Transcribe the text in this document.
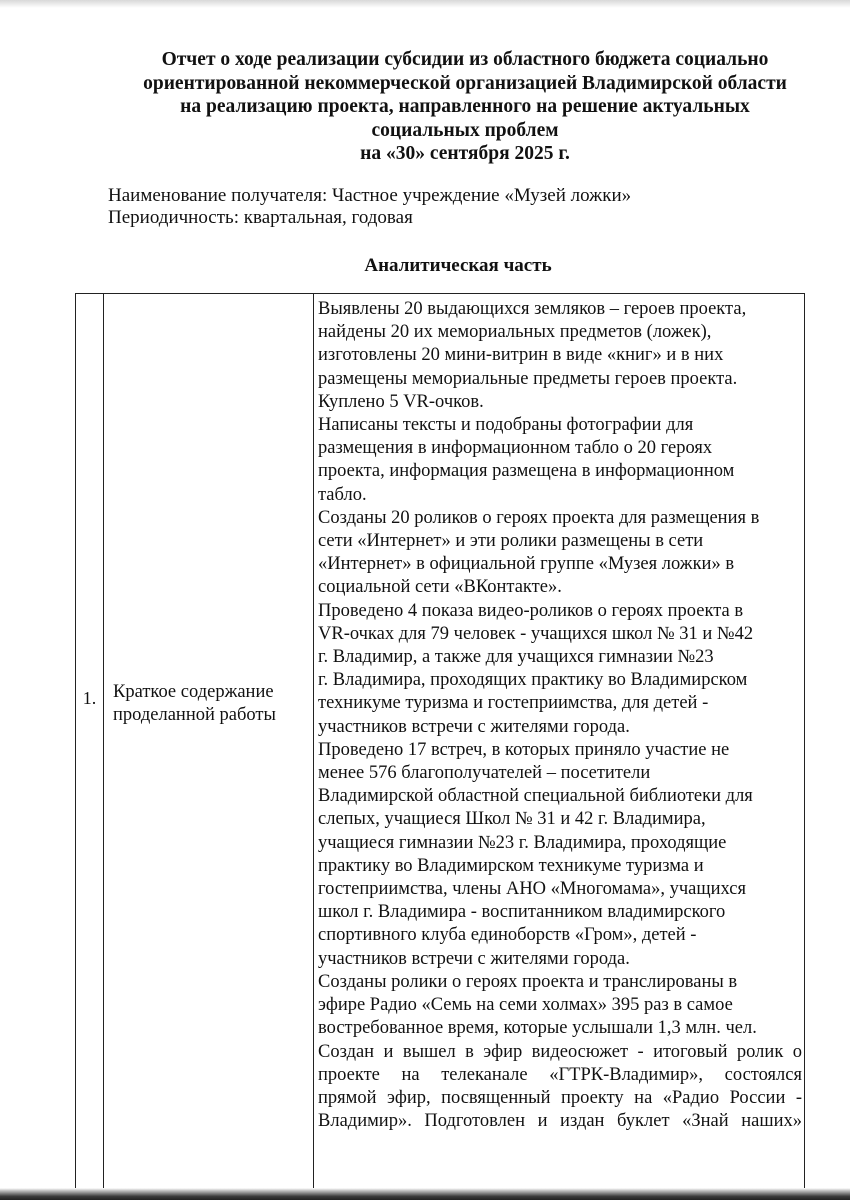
Отчет о ходе реализации субсидии из областного бюджета социально
ориентированной некоммерческой организацией Владимирской области
на реализацию проекта, направленного на решение актуальных
социальных проблем
на «30» сентября 2025 г.
Наименование получателя: Частное учреждение «Музей ложки»
Периодичность: квартальная, годовая
Аналитическая часть
1. Краткое содержание
проделанной работы
Выявлены 20 выдающихся земляков – героев проекта,
найдены 20 их мемориальных предметов (ложек),
изготовлены 20 мини-витрин в виде «книг» и в них
размещены мемориальные предметы героев проекта.
Куплено 5 VR-очков.
Написаны тексты и подобраны фотографии для
размещения в информационном табло о 20 героях
проекта, информация размещена в информационном
табло.
Созданы 20 роликов о героях проекта для размещения в
сети «Интернет» и эти ролики размещены в сети
«Интернет» в официальной группе «Музея ложки» в
социальной сети «ВКонтакте».
Проведено 4 показа видео-роликов о героях проекта в
VR-очках для 79 человек - учащихся школ № 31 и №42
г. Владимир, а также для учащихся гимназии №23
г. Владимира, проходящих практику во Владимирском
техникуме туризма и гостеприимства, для детей -
участников встречи с жителями города.
Проведено 17 встреч, в которых приняло участие не
менее 576 благополучателей – посетители
Владимирской областной специальной библиотеки для
слепых, учащиеся Школ № 31 и 42 г. Владимира,
учащиеся гимназии №23 г. Владимира, проходящие
практику во Владимирском техникуме туризма и
гостеприимства, члены АНО «Многомама», учащихся
школ г. Владимира - воспитанником владимирского
спортивного клуба единоборств «Гром», детей -
участников встречи с жителями города.
Созданы ролики о героях проекта и транслированы в
эфире Радио «Семь на семи холмах» 395 раз в самое
востребованное время, которые услышали 1,3 млн. чел.
Создан и вышел в эфир видеосюжет - итоговый ролик о
проекте на телеканале «ГТРК-Владимир», состоялся
прямой эфир, посвященный проекту на «Радио России -
Владимир». Подготовлен и издан буклет «Знай наших»
